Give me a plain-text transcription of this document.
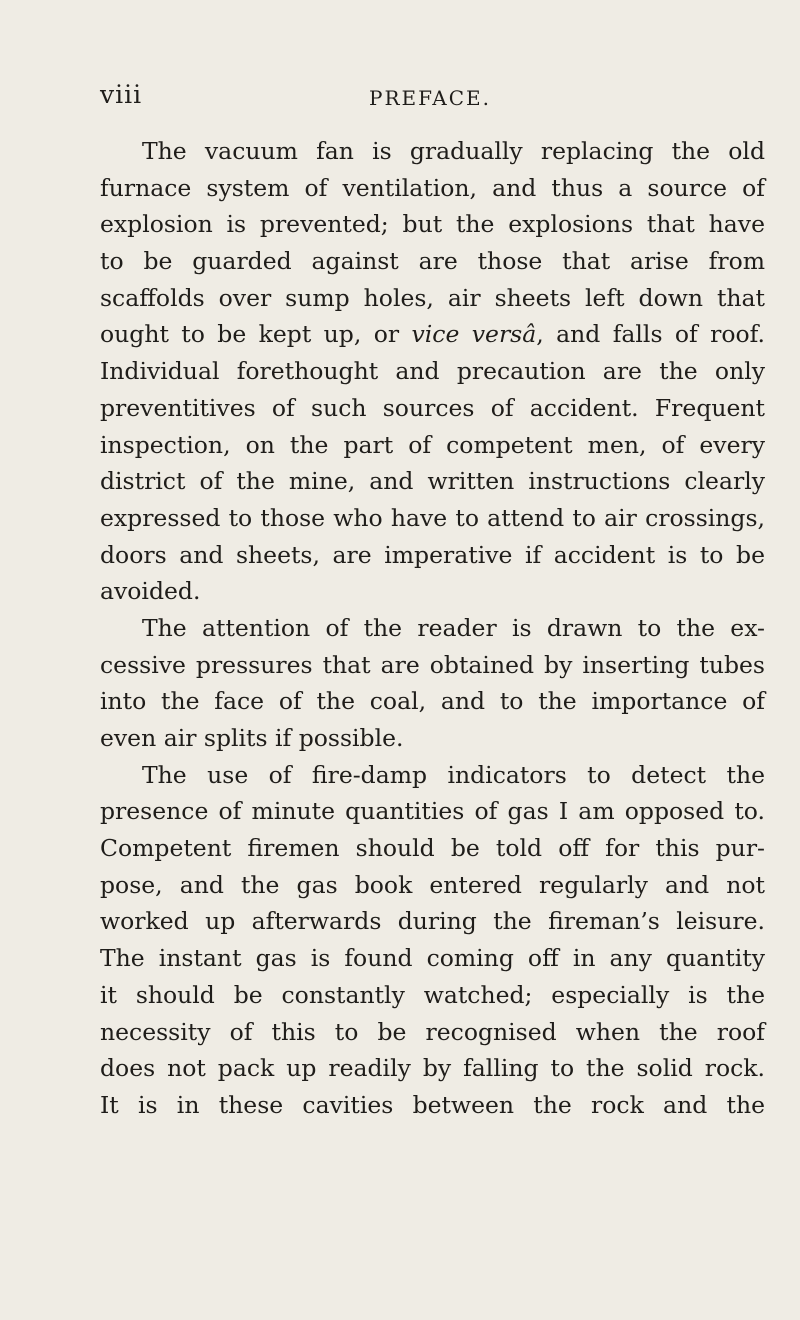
viii	PREFACE.
The vacuum fan is gradually replacing the old
furnace system of ventilation, and thus a source of
explosion is prevented; but the explosions that have
to be guarded against are those that arise from
scaffolds over sump holes, air sheets left down that
ought to be kept up, or vice versâ, and falls of roof.
Individual forethought and precaution are the only
preventitives of such sources of accident. Frequent
inspection, on the part of competent men, of every
district of the mine, and written instructions clearly
expressed to those who have to attend to air crossings,
doors and sheets, are imperative if accident is to be
avoided.
The attention of the reader is drawn to the ex-
cessive pressures that are obtained by inserting tubes
into the face of the coal, and to the importance of
even air splits if possible.
The use of fire-damp indicators to detect the
presence of minute quantities of gas I am opposed to.
Competent firemen should be told off for this pur-
pose, and the gas book entered regularly and not
worked up afterwards during the fireman’s leisure.
The instant gas is found coming off in any quantity
it should be constantly watched; especially is the
necessity of this to be recognised when the roof
does not pack up readily by falling to the solid rock.
It is in these cavities between the rock and the
